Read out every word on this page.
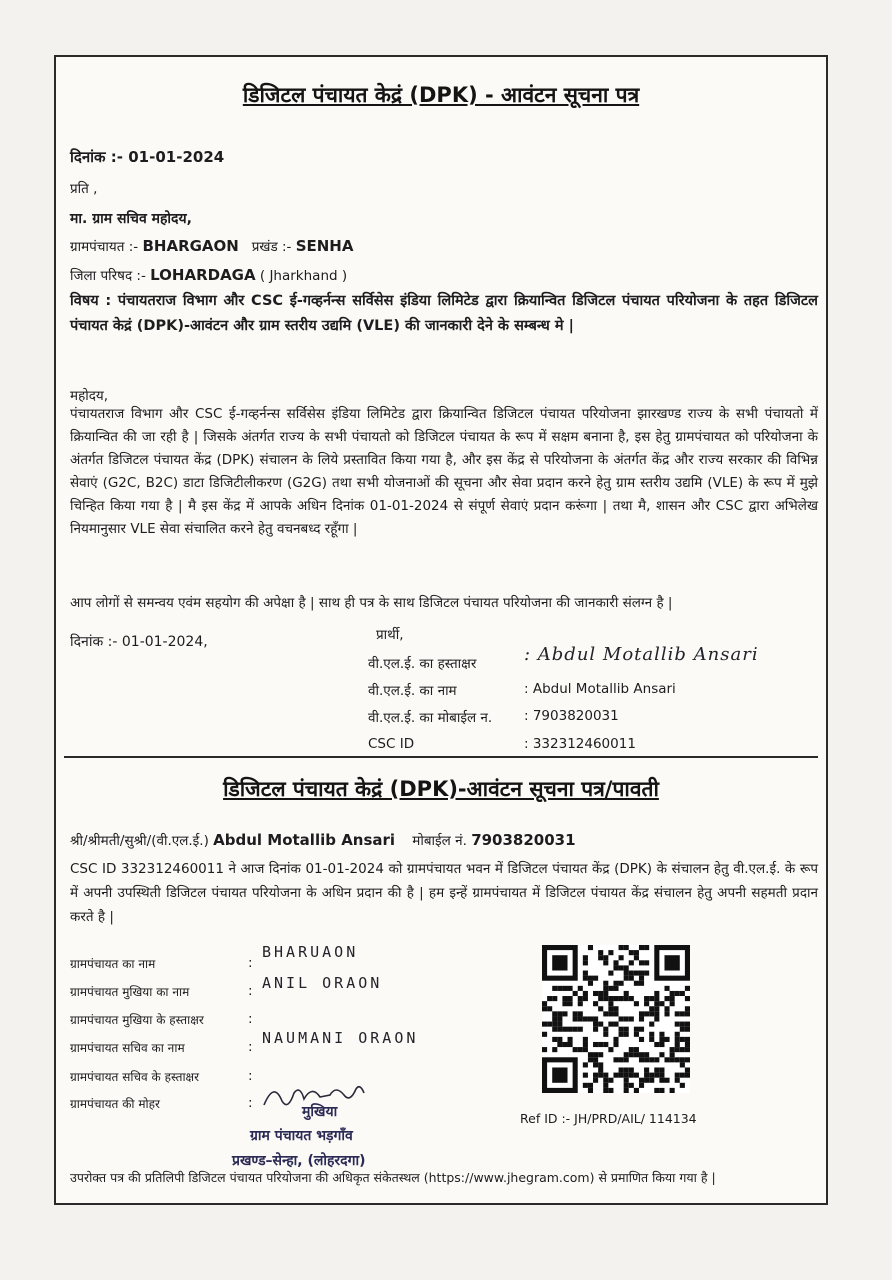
डिजिटल पंचायत केद्रं (DPK) - आवंटन सूचना पत्र
दिनांक :- 01-01-2024
प्रति ,
मा. ग्राम सचिव महोदय,
ग्रामपंचायत :- BHARGAON प्रखंड :- SENHA
जिला परिषद :- LOHARDAGA ( Jharkhand )
विषय : पंचायतराज विभाग और CSC ई-गव्हर्नन्स सर्विसेस इंडिया लिमिटेड द्वारा क्रियान्वित डिजिटल पंचायत परियोजना के तहत डिजिटल पंचायत केद्रं (DPK)-आवंटन और ग्राम स्तरीय उद्यमि (VLE) की जानकारी देने के सम्बन्ध मे |
महोदय,
पंचायतराज विभाग और CSC ई-गव्हर्नन्स सर्विसेस इंडिया लिमिटेड द्वारा क्रियान्वित डिजिटल पंचायत परियोजना झारखण्ड राज्य के सभी पंचायतो में क्रियान्वित की जा रही है | जिसके अंतर्गत राज्य के सभी पंचायतो को डिजिटल पंचायत के रूप में सक्षम बनाना है, इस हेतु ग्रामपंचायत को परियोजना के अंतर्गत डिजिटल पंचायत केंद्र (DPK) संचालन के लिये प्रस्तावित किया गया है, और इस केंद्र से परियोजना के अंतर्गत केंद्र और राज्य सरकार की विभिन्न सेवाएं (G2C, B2C) डाटा डिजिटीलीकरण (G2G) तथा सभी योजनाओं की सूचना और सेवा प्रदान करने हेतु ग्राम स्तरीय उद्यमि (VLE) के रूप में मुझे चिन्हित किया गया है | मै इस केंद्र में आपके अधिन दिनांक 01-01-2024 से संपूर्ण सेवाएं प्रदान करूंगा | तथा मै, शासन और CSC द्वारा अभिलेख नियमानुसार VLE सेवा संचालित करने हेतु वचनबध्द रहूँगा |
आप लोगों से समन्वय एवंम सहयोग की अपेक्षा है | साथ ही पत्र के साथ डिजिटल पंचायत परियोजना की जानकारी संलग्न है |
दिनांक :- 01-01-2024,	प्रार्थी,
वी.एल.ई. का हस्ताक्षर	: Abdul Motallib Ansari
वी.एल.ई. का नाम	: Abdul Motallib Ansari
वी.एल.ई. का मोबाईल न. : 7903820031
CSC ID	: 332312460011
डिजिटल पंचायत केद्रं (DPK)-आवंटन सूचना पत्र/पावती
श्री/श्रीमती/सुश्री/(वी.एल.ई.) Abdul Motallib Ansari मोबाईल नं. 7903820031
CSC ID 332312460011 ने आज दिनांक 01-01-2024 को ग्रामपंचायत भवन में डिजिटल पंचायत केंद्र (DPK) के संचालन हेतु वी.एल.ई. के रूप में अपनी उपस्थिती डिजिटल पंचायत परियोजना के अधिन प्रदान की है | हम इन्हें ग्रामपंचायत में डिजिटल पंचायत केंद्र संचालन हेतु अपनी सहमती प्रदान करते है |
ग्रामपंचायत का नाम	:
BHARUAON
ग्रामपंचायत मुखिया का नाम	: ANIL ORAON
ग्रामपंचायत मुखिया के हस्ताक्षर	:
ग्रामपंचायत सचिव का नाम	: NAUMANI ORAON
ग्रामपंचायत सचिव के हस्ताक्षर	:
ग्रामपंचायत की मोहर	:
मुखिया
ग्राम पंचायत भड़गाँव
प्रखण्ड–सेन्हा, (लोहरदगा)
Ref ID :- JH/PRD/AIL/ 114134
उपरोक्त पत्र की प्रतिलिपी डिजिटल पंचायत परियोजना की अधिकृत संकेतस्थल (https://www.jhegram.com) से प्रमाणित किया गया है |
